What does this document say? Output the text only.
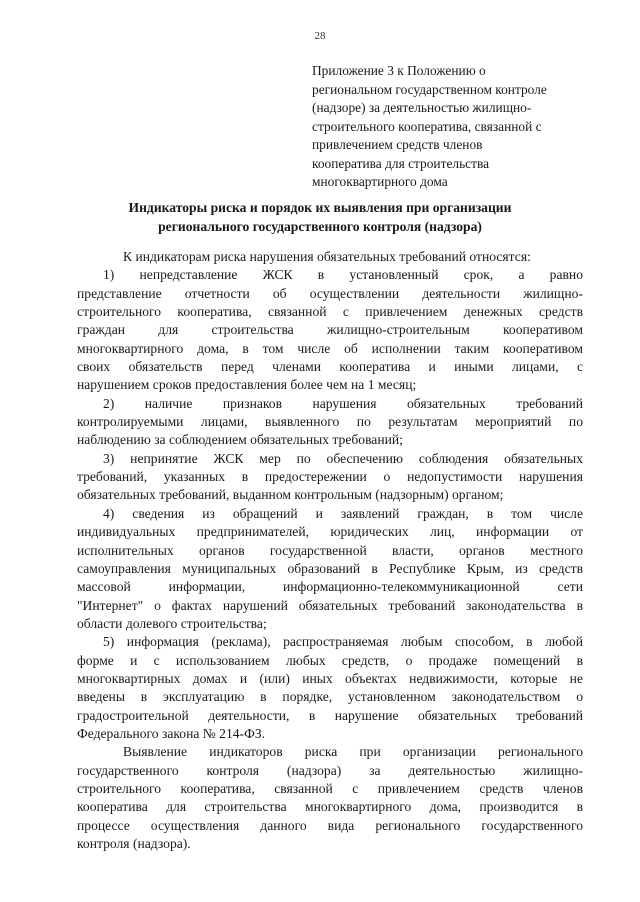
28
Приложение 3 к Положению о
региональном государственном контроле
(надзоре) за деятельностью жилищно-
строительного кооператива, связанной с
привлечением средств членов
кооператива для строительства
многоквартирного дома
Индикаторы риска и порядок их выявления при организации
регионального государственного контроля (надзора)
К индикаторам риска нарушения обязательных требований относятся:
1) непредставление ЖСК в установленный срок, а равно
представление отчетности об осуществлении деятельности жилищно-
строительного кооператива, связанной с привлечением денежных средств
граждан для строительства жилищно-строительным кооперативом
многоквартирного дома, в том числе об исполнении таким кооперативом
своих обязательств перед членами кооператива и иными лицами, с
нарушением сроков предоставления более чем на 1 месяц;
2) наличие признаков нарушения обязательных требований
контролируемыми лицами, выявленного по результатам мероприятий по
наблюдению за соблюдением обязательных требований;
3) непринятие ЖСК мер по обеспечению соблюдения обязательных
требований, указанных в предостережении о недопустимости нарушения
обязательных требований, выданном контрольным (надзорным) органом;
4) сведения из обращений и заявлений граждан, в том числе
индивидуальных предпринимателей, юридических лиц, информации от
исполнительных органов государственной власти, органов местного
самоуправления муниципальных образований в Республике Крым, из средств
массовой информации, информационно-телекоммуникационной сети
"Интернет" о фактах нарушений обязательных требований законодательства в
области долевого строительства;
5) информация (реклама), распространяемая любым способом, в любой
форме и с использованием любых средств, о продаже помещений в
многоквартирных домах и (или) иных объектах недвижимости, которые не
введены в эксплуатацию в порядке, установленном законодательством о
градостроительной деятельности, в нарушение обязательных требований
Федерального закона № 214-ФЗ.
Выявление индикаторов риска при организации регионального
государственного контроля (надзора) за деятельностью жилищно-
строительного кооператива, связанной с привлечением средств членов
кооператива для строительства многоквартирного дома, производится в
процессе осуществления данного вида регионального государственного
контроля (надзора).
